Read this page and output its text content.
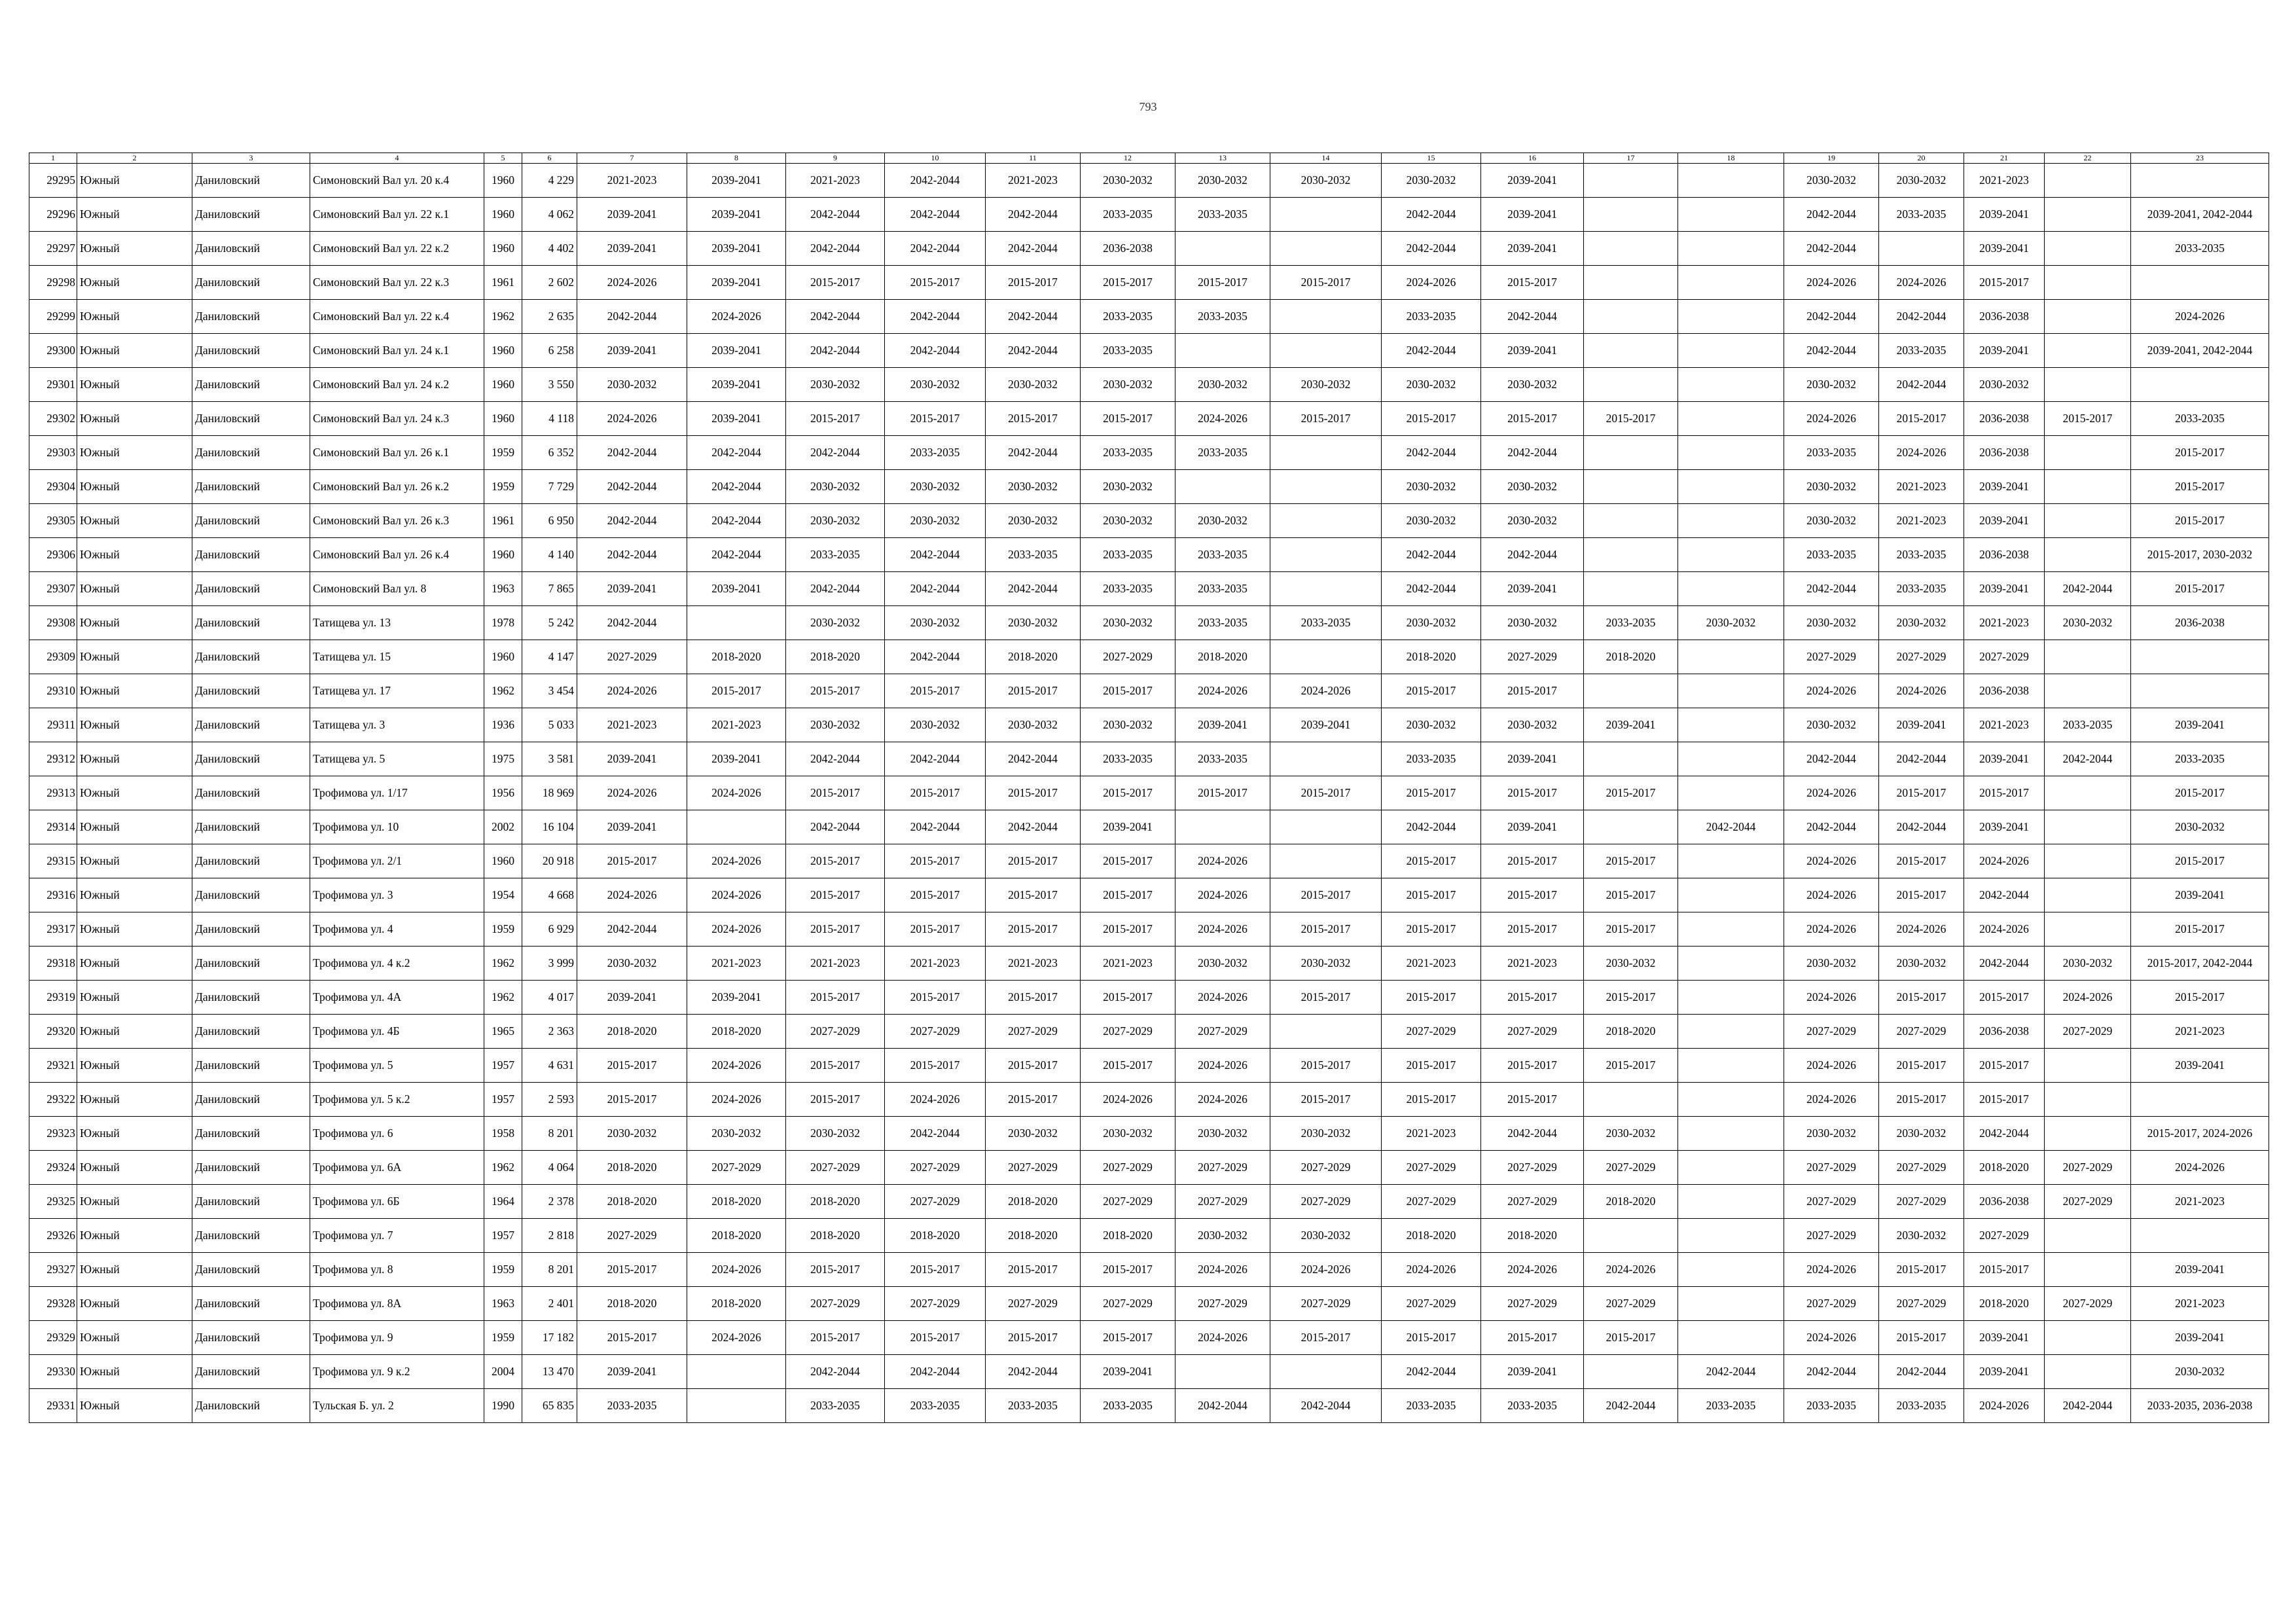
793
1	2	3	4	5	6	7	8	9	10	11	12	13	14	15	16	17	18	19	20	21	22	23
29295	Южный	Даниловский	Симоновский Вал ул. 20 к.4	1960	4 229	2021-2023	2039-2041	2021-2023	2042-2044	2021-2023	2030-2032	2030-2032	2030-2032	2030-2032	2039-2041			2030-2032	2030-2032	2021-2023		
29296	Южный	Даниловский	Симоновский Вал ул. 22 к.1	1960	4 062	2039-2041	2039-2041	2042-2044	2042-2044	2042-2044	2033-2035	2033-2035		2042-2044	2039-2041			2042-2044	2033-2035	2039-2041		2039-2041, 2042-2044
29297	Южный	Даниловский	Симоновский Вал ул. 22 к.2	1960	4 402	2039-2041	2039-2041	2042-2044	2042-2044	2042-2044	2036-2038			2042-2044	2039-2041			2042-2044		2039-2041		2033-2035
29298	Южный	Даниловский	Симоновский Вал ул. 22 к.3	1961	2 602	2024-2026	2039-2041	2015-2017	2015-2017	2015-2017	2015-2017	2015-2017	2015-2017	2024-2026	2015-2017			2024-2026	2024-2026	2015-2017		
29299	Южный	Даниловский	Симоновский Вал ул. 22 к.4	1962	2 635	2042-2044	2024-2026	2042-2044	2042-2044	2042-2044	2033-2035	2033-2035		2033-2035	2042-2044			2042-2044	2042-2044	2036-2038		2024-2026
29300	Южный	Даниловский	Симоновский Вал ул. 24 к.1	1960	6 258	2039-2041	2039-2041	2042-2044	2042-2044	2042-2044	2033-2035			2042-2044	2039-2041			2042-2044	2033-2035	2039-2041		2039-2041, 2042-2044
29301	Южный	Даниловский	Симоновский Вал ул. 24 к.2	1960	3 550	2030-2032	2039-2041	2030-2032	2030-2032	2030-2032	2030-2032	2030-2032	2030-2032	2030-2032	2030-2032			2030-2032	2042-2044	2030-2032		
29302	Южный	Даниловский	Симоновский Вал ул. 24 к.3	1960	4 118	2024-2026	2039-2041	2015-2017	2015-2017	2015-2017	2015-2017	2024-2026	2015-2017	2015-2017	2015-2017	2015-2017		2024-2026	2015-2017	2036-2038	2015-2017	2033-2035
29303	Южный	Даниловский	Симоновский Вал ул. 26 к.1	1959	6 352	2042-2044	2042-2044	2042-2044	2033-2035	2042-2044	2033-2035	2033-2035		2042-2044	2042-2044			2033-2035	2024-2026	2036-2038		2015-2017
29304	Южный	Даниловский	Симоновский Вал ул. 26 к.2	1959	7 729	2042-2044	2042-2044	2030-2032	2030-2032	2030-2032	2030-2032			2030-2032	2030-2032			2030-2032	2021-2023	2039-2041		2015-2017
29305	Южный	Даниловский	Симоновский Вал ул. 26 к.3	1961	6 950	2042-2044	2042-2044	2030-2032	2030-2032	2030-2032	2030-2032	2030-2032		2030-2032	2030-2032			2030-2032	2021-2023	2039-2041		2015-2017
29306	Южный	Даниловский	Симоновский Вал ул. 26 к.4	1960	4 140	2042-2044	2042-2044	2033-2035	2042-2044	2033-2035	2033-2035	2033-2035		2042-2044	2042-2044			2033-2035	2033-2035	2036-2038		2015-2017, 2030-2032
29307	Южный	Даниловский	Симоновский Вал ул. 8	1963	7 865	2039-2041	2039-2041	2042-2044	2042-2044	2042-2044	2033-2035	2033-2035		2042-2044	2039-2041			2042-2044	2033-2035	2039-2041	2042-2044	2015-2017
29308	Южный	Даниловский	Татищева ул. 13	1978	5 242	2042-2044		2030-2032	2030-2032	2030-2032	2030-2032	2033-2035	2033-2035	2030-2032	2030-2032	2033-2035	2030-2032	2030-2032	2030-2032	2021-2023	2030-2032	2036-2038
29309	Южный	Даниловский	Татищева ул. 15	1960	4 147	2027-2029	2018-2020	2018-2020	2042-2044	2018-2020	2027-2029	2018-2020		2018-2020	2027-2029	2018-2020		2027-2029	2027-2029	2027-2029		
29310	Южный	Даниловский	Татищева ул. 17	1962	3 454	2024-2026	2015-2017	2015-2017	2015-2017	2015-2017	2015-2017	2024-2026	2024-2026	2015-2017	2015-2017			2024-2026	2024-2026	2036-2038		
29311	Южный	Даниловский	Татищева ул. 3	1936	5 033	2021-2023	2021-2023	2030-2032	2030-2032	2030-2032	2030-2032	2039-2041	2039-2041	2030-2032	2030-2032	2039-2041		2030-2032	2039-2041	2021-2023	2033-2035	2039-2041
29312	Южный	Даниловский	Татищева ул. 5	1975	3 581	2039-2041	2039-2041	2042-2044	2042-2044	2042-2044	2033-2035	2033-2035		2033-2035	2039-2041			2042-2044	2042-2044	2039-2041	2042-2044	2033-2035
29313	Южный	Даниловский	Трофимова ул. 1/17	1956	18 969	2024-2026	2024-2026	2015-2017	2015-2017	2015-2017	2015-2017	2015-2017	2015-2017	2015-2017	2015-2017	2015-2017		2024-2026	2015-2017	2015-2017		2015-2017
29314	Южный	Даниловский	Трофимова ул. 10	2002	16 104	2039-2041		2042-2044	2042-2044	2042-2044	2039-2041			2042-2044	2039-2041		2042-2044	2042-2044	2042-2044	2039-2041		2030-2032
29315	Южный	Даниловский	Трофимова ул. 2/1	1960	20 918	2015-2017	2024-2026	2015-2017	2015-2017	2015-2017	2015-2017	2024-2026		2015-2017	2015-2017	2015-2017		2024-2026	2015-2017	2024-2026		2015-2017
29316	Южный	Даниловский	Трофимова ул. 3	1954	4 668	2024-2026	2024-2026	2015-2017	2015-2017	2015-2017	2015-2017	2024-2026	2015-2017	2015-2017	2015-2017	2015-2017		2024-2026	2015-2017	2042-2044		2039-2041
29317	Южный	Даниловский	Трофимова ул. 4	1959	6 929	2042-2044	2024-2026	2015-2017	2015-2017	2015-2017	2015-2017	2024-2026	2015-2017	2015-2017	2015-2017	2015-2017		2024-2026	2024-2026	2024-2026		2015-2017
29318	Южный	Даниловский	Трофимова ул. 4 к.2	1962	3 999	2030-2032	2021-2023	2021-2023	2021-2023	2021-2023	2021-2023	2030-2032	2030-2032	2021-2023	2021-2023	2030-2032		2030-2032	2030-2032	2042-2044	2030-2032	2015-2017, 2042-2044
29319	Южный	Даниловский	Трофимова ул. 4А	1962	4 017	2039-2041	2039-2041	2015-2017	2015-2017	2015-2017	2015-2017	2024-2026	2015-2017	2015-2017	2015-2017	2015-2017		2024-2026	2015-2017	2015-2017	2024-2026	2015-2017
29320	Южный	Даниловский	Трофимова ул. 4Б	1965	2 363	2018-2020	2018-2020	2027-2029	2027-2029	2027-2029	2027-2029	2027-2029		2027-2029	2027-2029	2018-2020		2027-2029	2027-2029	2036-2038	2027-2029	2021-2023
29321	Южный	Даниловский	Трофимова ул. 5	1957	4 631	2015-2017	2024-2026	2015-2017	2015-2017	2015-2017	2015-2017	2024-2026	2015-2017	2015-2017	2015-2017	2015-2017		2024-2026	2015-2017	2015-2017		2039-2041
29322	Южный	Даниловский	Трофимова ул. 5 к.2	1957	2 593	2015-2017	2024-2026	2015-2017	2024-2026	2015-2017	2024-2026	2024-2026	2015-2017	2015-2017	2015-2017			2024-2026	2015-2017	2015-2017		
29323	Южный	Даниловский	Трофимова ул. 6	1958	8 201	2030-2032	2030-2032	2030-2032	2042-2044	2030-2032	2030-2032	2030-2032	2030-2032	2021-2023	2042-2044	2030-2032		2030-2032	2030-2032	2042-2044		2015-2017, 2024-2026
29324	Южный	Даниловский	Трофимова ул. 6А	1962	4 064	2018-2020	2027-2029	2027-2029	2027-2029	2027-2029	2027-2029	2027-2029	2027-2029	2027-2029	2027-2029	2027-2029		2027-2029	2027-2029	2018-2020	2027-2029	2024-2026
29325	Южный	Даниловский	Трофимова ул. 6Б	1964	2 378	2018-2020	2018-2020	2018-2020	2027-2029	2018-2020	2027-2029	2027-2029	2027-2029	2027-2029	2027-2029	2018-2020		2027-2029	2027-2029	2036-2038	2027-2029	2021-2023
29326	Южный	Даниловский	Трофимова ул. 7	1957	2 818	2027-2029	2018-2020	2018-2020	2018-2020	2018-2020	2018-2020	2030-2032	2030-2032	2018-2020	2018-2020			2027-2029	2030-2032	2027-2029		
29327	Южный	Даниловский	Трофимова ул. 8	1959	8 201	2015-2017	2024-2026	2015-2017	2015-2017	2015-2017	2015-2017	2024-2026	2024-2026	2024-2026	2024-2026	2024-2026		2024-2026	2015-2017	2015-2017		2039-2041
29328	Южный	Даниловский	Трофимова ул. 8А	1963	2 401	2018-2020	2018-2020	2027-2029	2027-2029	2027-2029	2027-2029	2027-2029	2027-2029	2027-2029	2027-2029	2027-2029		2027-2029	2027-2029	2018-2020	2027-2029	2021-2023
29329	Южный	Даниловский	Трофимова ул. 9	1959	17 182	2015-2017	2024-2026	2015-2017	2015-2017	2015-2017	2015-2017	2024-2026	2015-2017	2015-2017	2015-2017	2015-2017		2024-2026	2015-2017	2039-2041		2039-2041
29330	Южный	Даниловский	Трофимова ул. 9 к.2	2004	13 470	2039-2041		2042-2044	2042-2044	2042-2044	2039-2041			2042-2044	2039-2041		2042-2044	2042-2044	2042-2044	2039-2041		2030-2032
29331	Южный	Даниловский	Тульская Б. ул. 2	1990	65 835	2033-2035		2033-2035	2033-2035	2033-2035	2033-2035	2042-2044	2042-2044	2033-2035	2033-2035	2042-2044	2033-2035	2033-2035	2033-2035	2024-2026	2042-2044	2033-2035, 2036-2038
